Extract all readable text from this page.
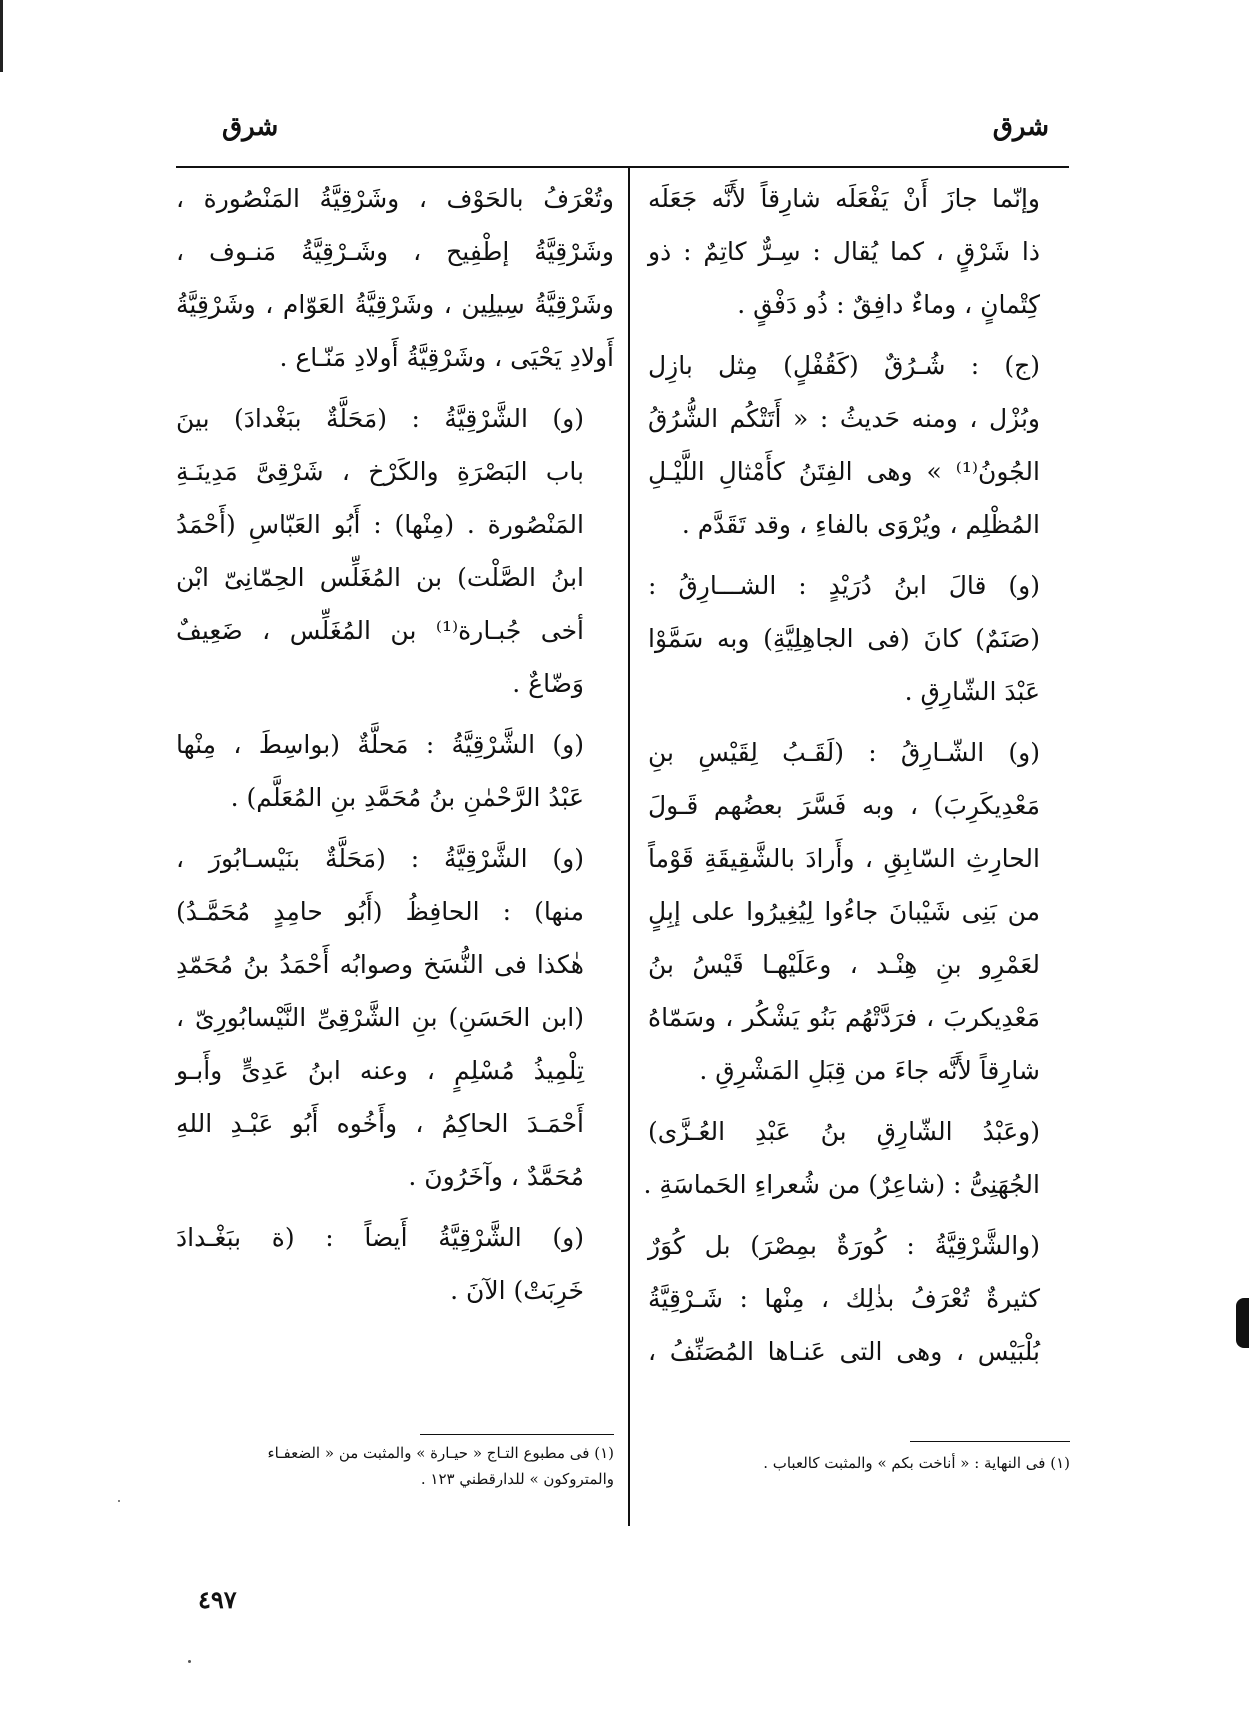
شرق
شرق

وإنّما جازَ أَنْ يَفْعَلَه شارِقاً لأَنَّه جَعَلَه
ذا شَرْقٍ ، كما يُقال : سِـرٌّ كاتِمٌ : ذو
كِتْمانٍ ، وماءٌ دافِقٌ : ذُو دَفْقٍ .

(ج) : شُـرُقٌ (كَقُفْلٍ) مِثل بازِل
وبُزْل ، ومنه حَديثُ : « أَتَتْكُم الشُّرُقُ
الجُونُ⁽¹⁾ » وهى الفِتَنُ كأَمْثالِ اللَّيْـلِ
المُظْلِم ، ويُرْوَى بالفاءِ ، وقد تَقَدَّم .

(و) قالَ ابنُ دُرَيْدٍ : الشـــارِقُ :
(صَنَمٌ) كانَ (فى الجاهِلِيَّةِ) وبه سَمَّوْا
عَبْدَ الشّارِقِ .

(و) الشّـارِقُ : (لَقَـبُ لِقَيْسِ بنِ
مَعْدِيكَرِبَ) ، وبه فَسَّرَ بعضُهم قَـولَ
الحارِثِ السّابِقِ ، وأَرادَ بالشَّقِيقَةِ قَوْماً
من بَنِى شَيْبانَ جاءُوا لِيُغِيرُوا على إبِلٍ
لعَمْرِو بنِ هِنْـد ، وعَلَيْهـا قَيْسُ بنُ
مَعْدِيكربَ ، فرَدَّتْهُم بَنُو يَشْكُر ، وسَمّاهُ
شارِقاً لأَنَّه جاءَ من قِبَلِ المَشْرِقِ .

(وعَبْدُ الشّارِقِ بنُ عَبْدِ العُـزَّى)
الجُهَنِىُّ : (شاعِرٌ) من شُعراءِ الحَماسَةِ .

(والشَّرْقِيَّةُ : كُورَةٌ بمِصْرَ) بل كُوَرٌ
كثيرةٌ تُعْرَفُ بذٰلِك ، مِنْها : شَـرْقِيَّةُ
بُلْبَيْس ، وهى التى عَنـاها المُصَنِّفُ ،

وتُعْرَفُ بالحَوْف ، وشَرْقِيَّةُ المَنْصُورة ،
وشَرْقِيَّةُ إطْفِيح ، وشَـرْقِيَّةُ مَنـوف ،
وشَرْقِيَّةُ سِيلِين ، وشَرْقِيَّةُ العَوّام ، وشَرْقِيَّةُ
أَولادِ يَحْيَى ، وشَرْقِيَّةُ أَولادِ مَنّـاع .

(و) الشَّرْقِيَّةُ : (مَحَلَّةٌ ببَغْدادَ) بينَ
باب البَصْرَةِ والكَرْخ ، شَرْقِىَّ مَدِينَـةِ
المَنْصُورة . (مِنْها) : أَبُو العَبّاسِ (أَحْمَدُ
ابنُ الصَّلْت) بن المُغَلِّس الحِمّانِىّ ابْن
أخى جُبـارة⁽¹⁾ بن المُغَلِّس ، ضَعِيفٌ
وَضّاعٌ .

(و) الشَّرْقِيَّةُ : مَحلَّةٌ (بواسِطَ ، مِنْها
عَبْدُ الرَّحْمٰنِ بنُ مُحَمَّدِ بنِ المُعَلَّم) .

(و) الشَّرْقِيَّةُ : (مَحَلَّةٌ بنَيْسـابُورَ ،
منها) : الحافِظُ (أَبُو حامِدٍ مُحَمَّـدُ)
هٰكذا فى النُّسَخ وصوابُه أَحْمَدُ بنُ مُحَمّدِ
(ابن الحَسَنِ) بنِ الشَّرْقِىِّ النَّيْسابُورِىّ ،
تِلْمِيذُ مُسْلِمٍ ، وعنه ابنُ عَدِىٍّ وأَبـو
أَحْمَـدَ الحاكِمُ ، وأَخُوه أَبُو عَبْـدِ اللهِ
مُحَمَّدٌ ، وآخَرُونَ .

(و) الشَّرْقِيَّةُ أَيضاً : (ة ببَغْـدادَ
خَرِبَتْ) الآنَ .

(١) فى مطبوع التـاج « حيـارة » والمثبت من « الضعفـاء
والمتروكون » للدارقطني ١٢٣ .
(١) فى النهاية : « أناخت بكم » والمثبت كالعباب .
٤٩٧
